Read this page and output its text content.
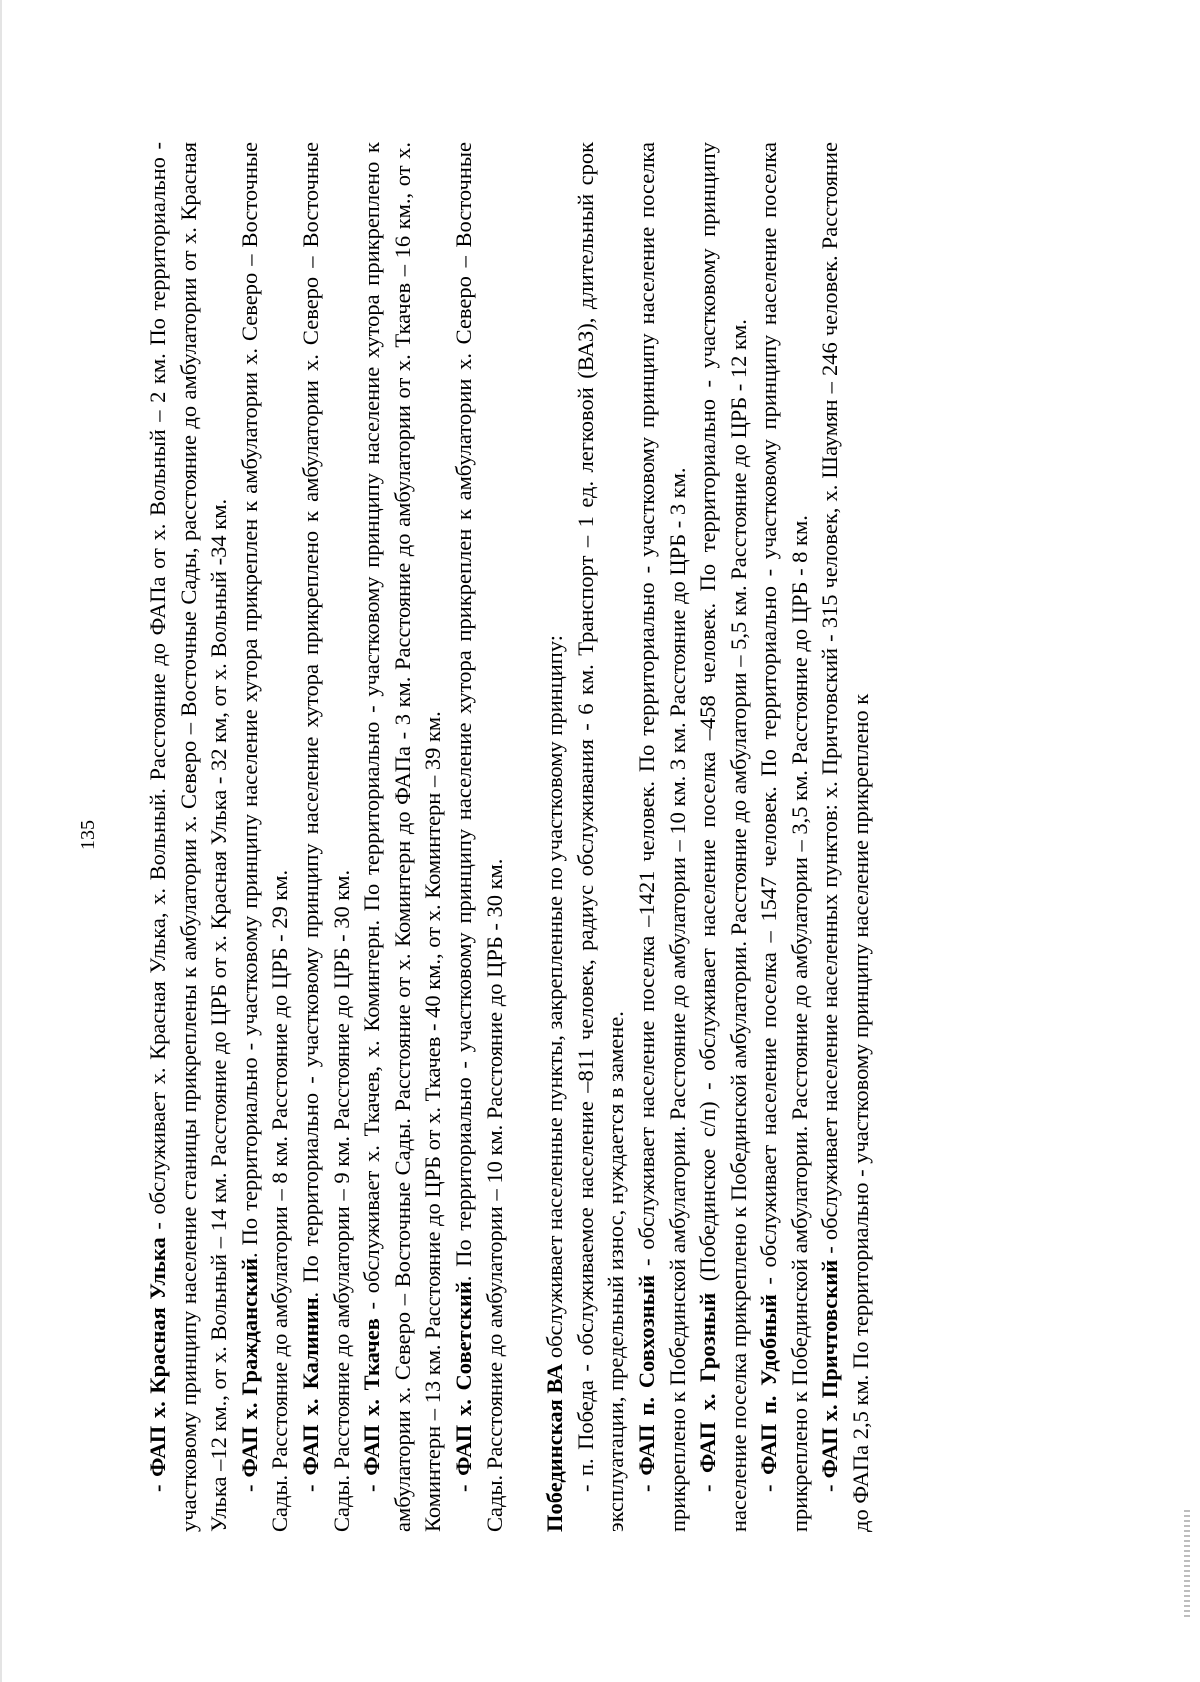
135

- ФАП х. Красная Улька - обслуживает х. Красная Улька, х. Вольный. Расстояние до ФАПа от х. Вольный – 2 км. По территориально - участковому принципу население станицы прикреплены к амбулатории х. Северо – Восточные Сады, расстояние до амбулатории от х. Красная Улька –12 км., от х. Вольный – 14 км. Расстояние до ЦРБ от х. Красная Улька - 32 км, от х. Вольный -34 км. - ФАП х. Гражданский. По территориально - участковому принципу население хутора прикреплен к амбулатории х. Северо – Восточные Сады. Расстояние до амбулатории – 8 км. Расстояние до ЦРБ - 29 км. - ФАП х. Калинин. По территориально - участковому принципу население хутора прикреплено к амбулатории х. Северо – Восточные Сады. Расстояние до амбулатории – 9 км. Расстояние до ЦРБ - 30 км. - ФАП х. Ткачев - обслуживает х. Ткачев, х. Коминтерн. По территориально - участковому принципу население хутора прикреплено к амбулатории х. Северо – Восточные Сады. Расстояние от х. Коминтерн до ФАПа - 3 км. Расстояние до амбулатории от х. Ткачев – 16 км., от х. Коминтерн – 13 км. Расстояние до ЦРБ от х. Ткачев - 40 км., от х. Коминтерн – 39 км. - ФАП х. Советский. По территориально - участковому принципу население хутора прикреплен к амбулатории х. Северо – Восточные Сады. Расстояние до амбулатории – 10 км. Расстояние до ЦРБ - 30 км. Побединская ВА обслуживает населенные пункты, закрепленные по участковому принципу: - п. Победа - обслуживаемое население –811 человек, радиус обслуживания - 6 км. Транспорт – 1 ед. легковой (ВАЗ), длительный срок эксплуатации, предельный износ, нуждается в замене. - ФАП п. Совхозный - обслуживает население поселка –1421 человек. По территориально - участковому принципу население поселка прикреплено к Побединской амбулатории. Расстояние до амбулатории – 10 км. 3 км. Расстояние до ЦРБ - 3 км. - ФАП х. Грозный (Побединское с/п) - обслуживает население поселка –458 человек. По территориально - участковому принципу население поселка прикреплено к Побединской амбулатории. Расстояние до амбулатории – 5,5 км. Расстояние до ЦРБ - 12 км. - ФАП п. Удобный - обслуживает население поселка – 1547 человек. По территориально - участковому принципу население поселка прикреплено к Побединской амбулатории. Расстояние до амбулатории – 3,5 км. Расстояние до ЦРБ - 8 км. - ФАП х. Причтовский - обслуживает население населенных пунктов: х. Причтовский - 315 человек, х. Шаумян – 246 человек. Расстояние до ФАПа 2,5 км. По территориально - участковому принципу население прикреплено к
